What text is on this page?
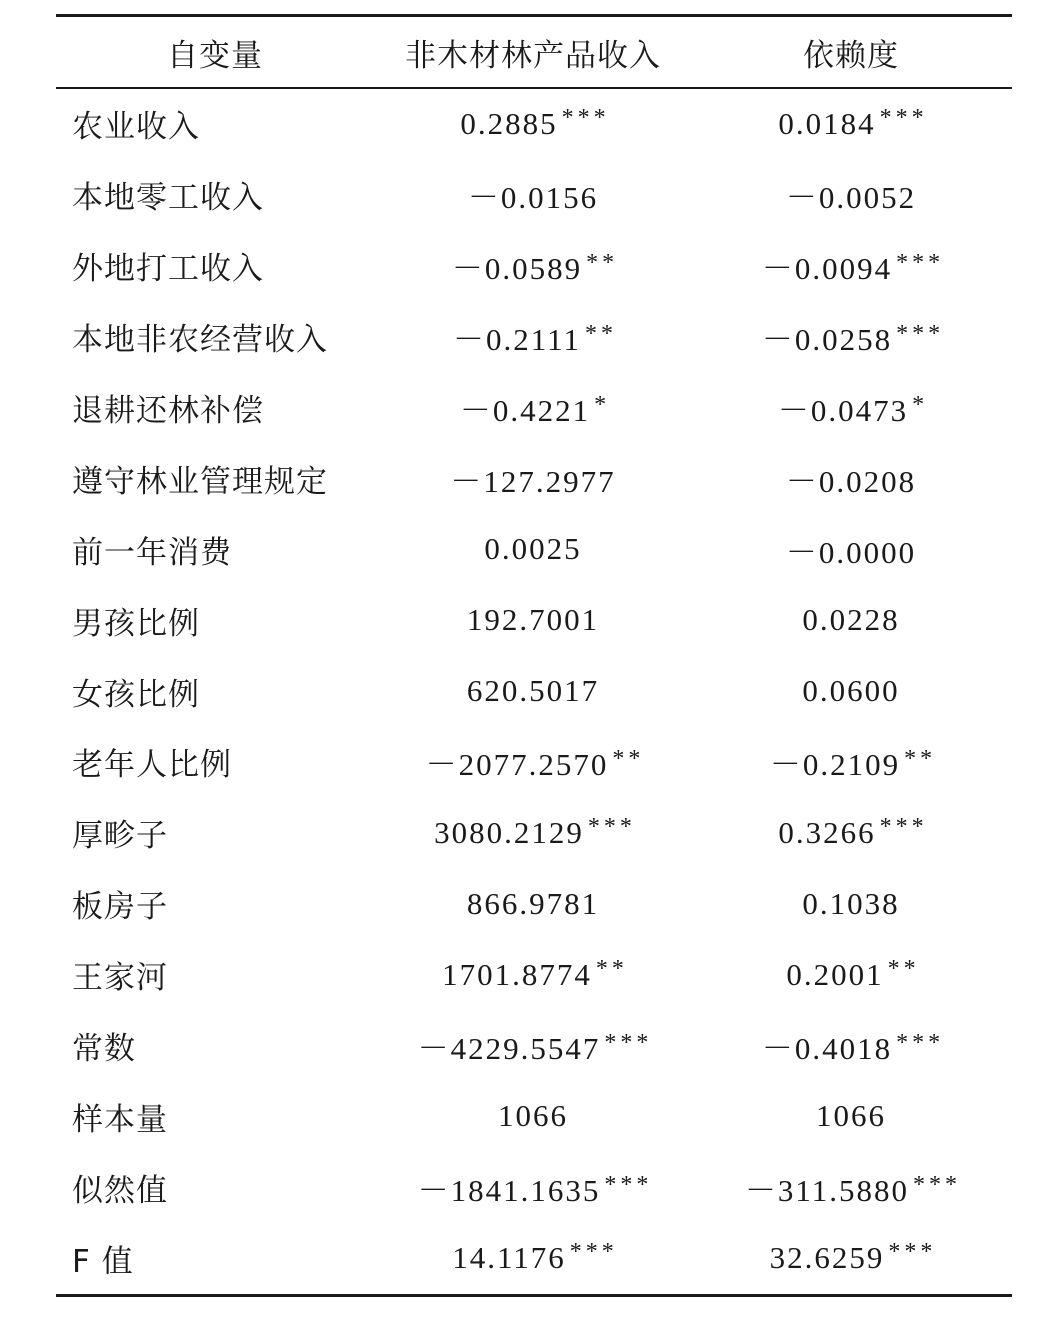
自变量	非木材林产品收入	依赖度
农业收入	0.2885 ***	0.0184 ***
本地零工收入	－0.0156	－0.0052
外地打工收入	－0.0589 **	－0.0094 ***
本地非农经营收入	－0.2111 **	－0.0258 ***
退耕还林补偿	－0.4221 *	－0.0473 *
遵守林业管理规定	－127.2977	－0.0208
前一年消费	0.0025	－0.0000
男孩比例	192.7001	0.0228
女孩比例	620.5017	0.0600
老年人比例	－2077.2570 **	－0.2109 **
厚畛子	3080.2129 ***	0.3266 ***
板房子	866.9781	0.1038
王家河	1701.8774 **	0.2001 **
常数	－4229.5547 ***	－0.4018 ***
样本量	1066	1066
似然值	－1841.1635 ***	－311.5880 ***
F 值	14.1176 ***	32.6259 ***
